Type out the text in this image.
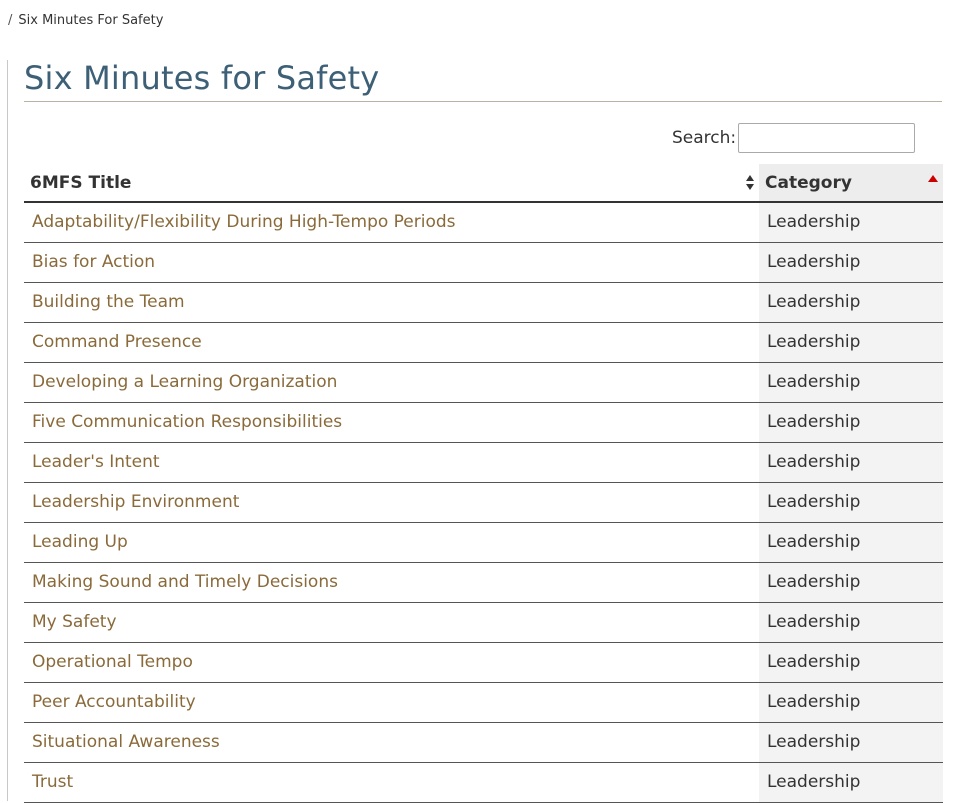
/ Six Minutes For Safety
Six Minutes for Safety
Search:
6MFS Title	Category

Adaptability/Flexibility During High-Tempo Periods	Leadership
Bias for Action	Leadership
Building the Team	Leadership
Command Presence	Leadership
Developing a Learning Organization	Leadership
Five Communication Responsibilities	Leadership
Leader's Intent	Leadership
Leadership Environment	Leadership
Leading Up	Leadership
Making Sound and Timely Decisions	Leadership
My Safety	Leadership
Operational Tempo	Leadership
Peer Accountability	Leadership
Situational Awareness	Leadership
Trust	Leadership
